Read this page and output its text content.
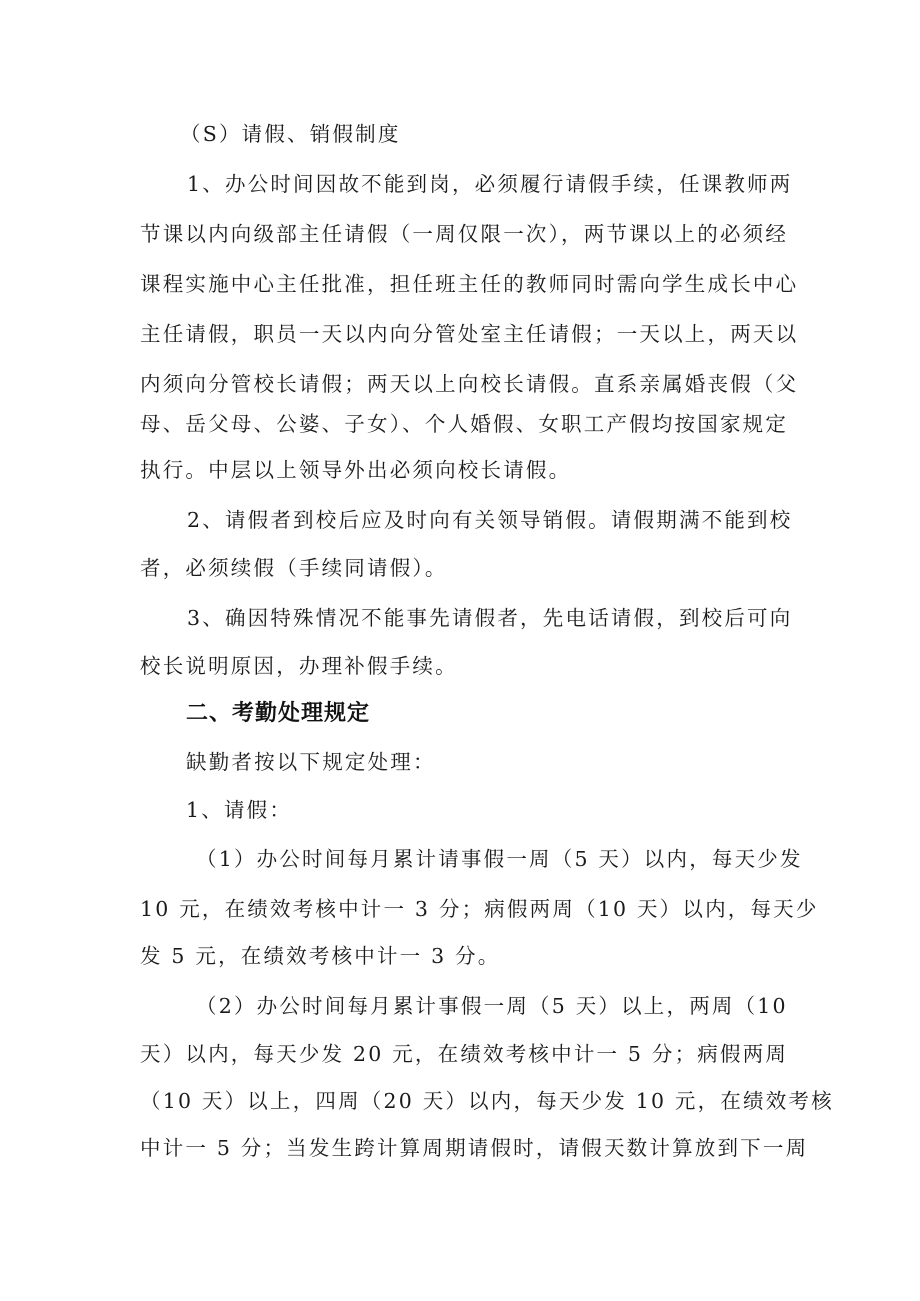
（S）请假、销假制度
1、办公时间因故不能到岗，必须履行请假手续，任课教师两
节课以内向级部主任请假（一周仅限一次），两节课以上的必须经
课程实施中心主任批准，担任班主任的教师同时需向学生成长中心
主任请假，职员一天以内向分管处室主任请假；一天以上，两天以
内须向分管校长请假；两天以上向校长请假。直系亲属婚丧假（父
母、岳父母、公婆、子女）、个人婚假、女职工产假均按国家规定
执行。中层以上领导外出必须向校长请假。
2、请假者到校后应及时向有关领导销假。请假期满不能到校
者，必须续假（手续同请假）。
3、确因特殊情况不能事先请假者，先电话请假，到校后可向
校长说明原因，办理补假手续。
二、考勤处理规定
缺勤者按以下规定处理：
1、请假：
（1）办公时间每月累计请事假一周（5 天）以内，每天少发
10 元，在绩效考核中计一 3 分；病假两周（10 天）以内，每天少
发 5 元，在绩效考核中计一 3 分。
（2）办公时间每月累计事假一周（5 天）以上，两周（10
天）以内，每天少发 20 元，在绩效考核中计一 5 分；病假两周
（10 天）以上，四周（20 天）以内，每天少发 10 元，在绩效考核
中计一 5 分；当发生跨计算周期请假时，请假天数计算放到下一周
